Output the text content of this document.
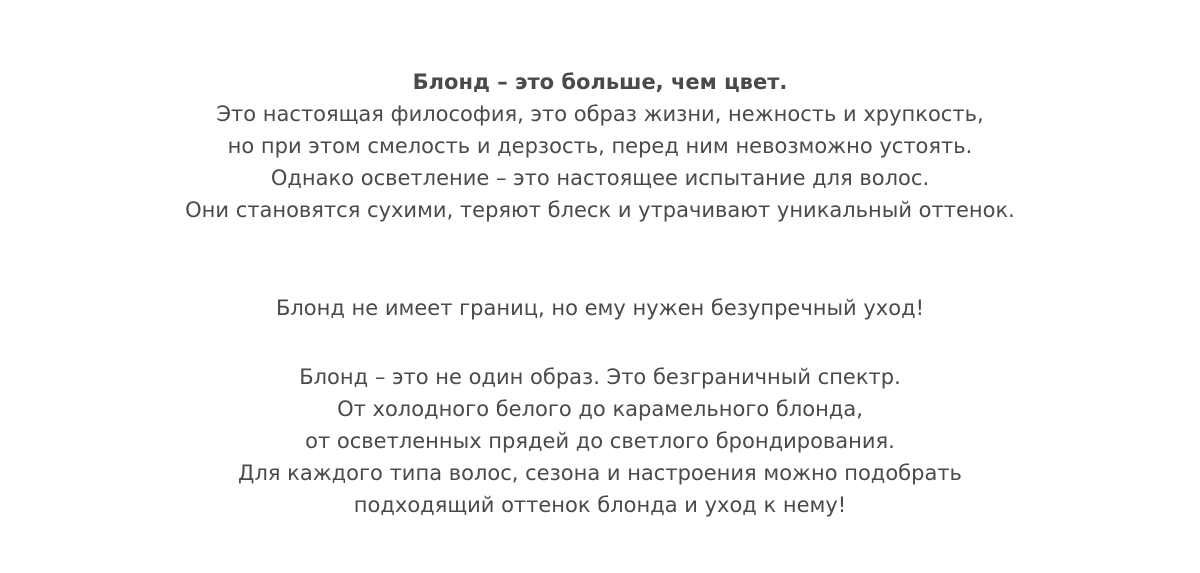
Блонд – это больше, чем цвет.
Это настоящая философия, это образ жизни, нежность и хрупкость,
но при этом смелость и дерзость, перед ним невозможно устоять.
Однако осветление – это настоящее испытание для волос.
Они становятся сухими, теряют блеск и утрачивают уникальный оттенок.
Блонд не имеет границ, но ему нужен безупречный уход!
Блонд – это не один образ. Это безграничный спектр.
От холодного белого до карамельного блонда,
от осветленных прядей до светлого брондирования.
Для каждого типа волос, сезона и настроения можно подобрать
подходящий оттенок блонда и уход к нему!
